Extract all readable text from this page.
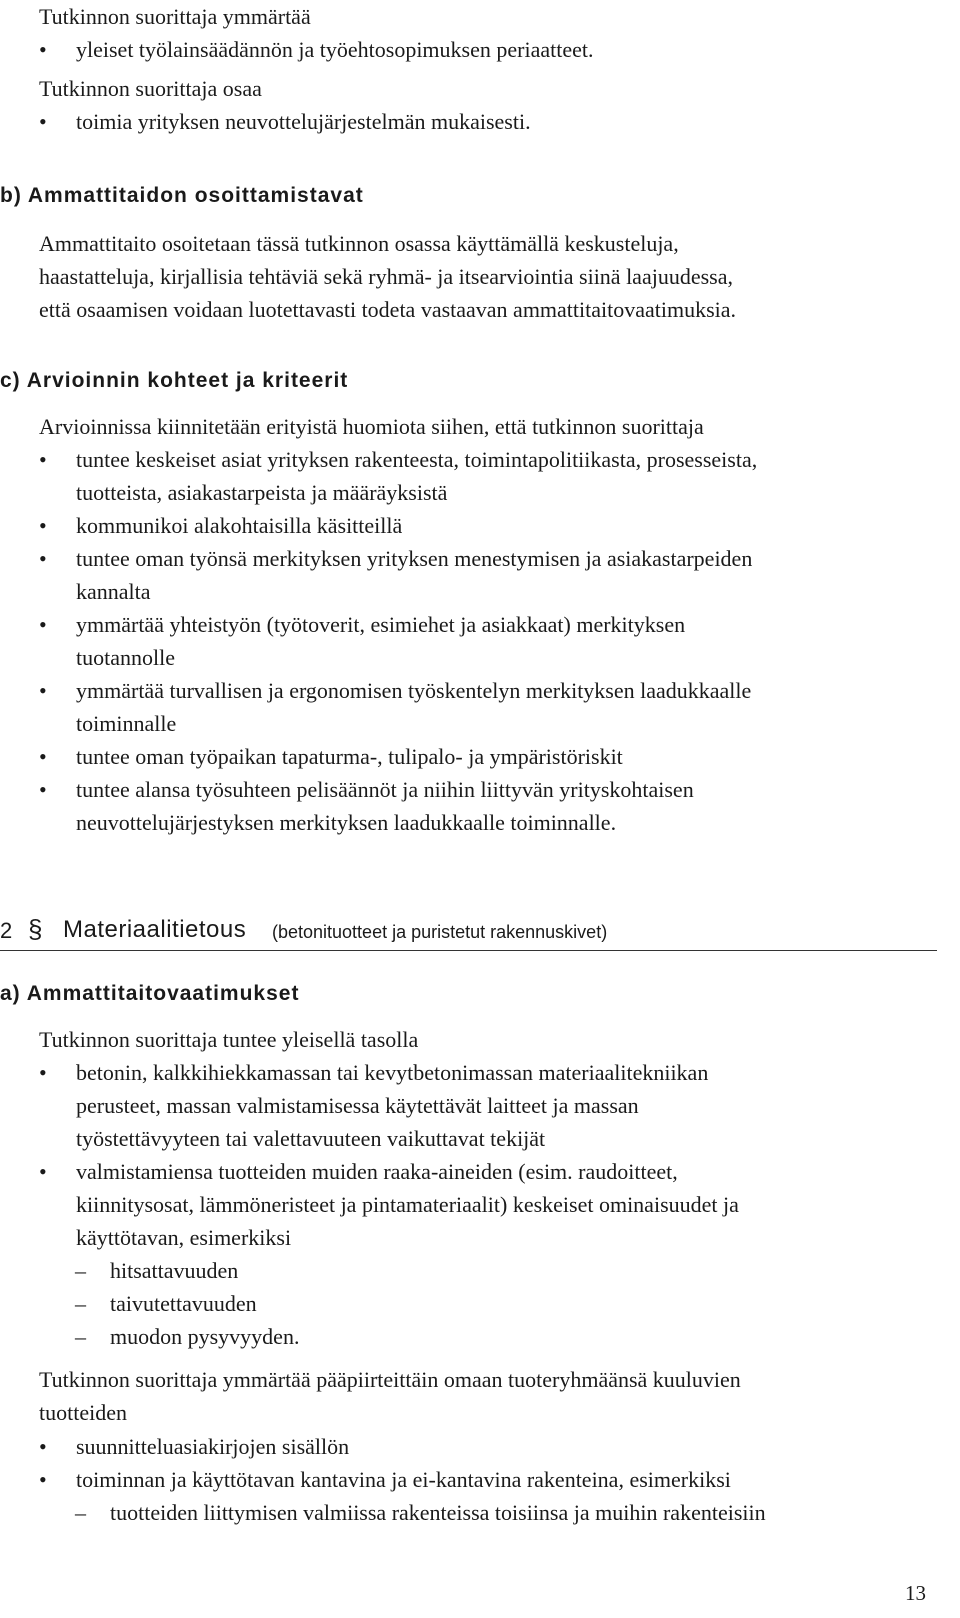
Tutkinnon suorittaja ymmärtää

•	yleiset työlainsäädännön ja työehtosopimuksen periaatteet.

Tutkinnon suorittaja osaa

•	toimia yrityksen neuvottelujärjestelmän mukaisesti.
b) Ammattitaidon osoittamistavat

Ammattitaito osoitetaan tässä tutkinnon osassa käyttämällä keskusteluja,

haastatteluja, kirjallisia tehtäviä sekä ryhmä- ja itsearviointia siinä laajuudessa,

että osaamisen voidaan luotettavasti todeta vastaavan ammattitaitovaatimuksia.

c) Arvioinnin kohteet ja kriteerit

Arvioinnissa kiinnitetään erityistä huomiota siihen, että tutkinnon suorittaja

•	tuntee keskeiset asiat yrityksen rakenteesta, toimintapolitiikasta, prosesseista,
tuotteista, asiakastarpeista ja määräyksistä
•	kommunikoi alakohtaisilla käsitteillä
•	tuntee oman työnsä merkityksen yrityksen menestymisen ja asiakastarpeiden
kannalta
•	ymmärtää yhteistyön (työtoverit, esimiehet ja asiakkaat) merkityksen
tuotannolle
•	ymmärtää turvallisen ja ergonomisen työskentelyn merkityksen laadukkaalle
toiminnalle
•	tuntee oman työpaikan tapaturma-, tulipalo- ja ympäristöriskit
•	tuntee alansa työsuhteen pelisäännöt ja niihin liittyvän yrityskohtaisen
neuvottelujärjestyksen merkityksen laadukkaalle toiminnalle.
2 § Materiaalitietous (betonituotteet ja puristetut rakennuskivet)
a) Ammattitaitovaatimukset

Tutkinnon suorittaja tuntee yleisellä tasolla

•	betonin, kalkkihiekkamassan tai kevytbetonimassan materiaalitekniikan
perusteet, massan valmistamisessa käytettävät laitteet ja massan
työstettävyyteen tai valettavuuteen vaikuttavat tekijät
•	valmistamiensa tuotteiden muiden raaka-aineiden (esim. raudoitteet,
kiinnitysosat, lämmöneristeet ja pintamateriaalit) keskeiset ominaisuudet ja
käyttötavan, esimerkiksi
– hitsattavuuden
– taivutettavuuden
– muodon pysyvyyden.

Tutkinnon suorittaja ymmärtää pääpiirteittäin omaan tuoteryhmäänsä kuuluvien

tuotteiden

•	suunnitteluasiakirjojen sisällön
•	toiminnan ja käyttötavan kantavina ja ei-kantavina rakenteina, esimerkiksi
– tuotteiden liittymisen valmiissa rakenteissa toisiinsa ja muihin rakenteisiin
13
